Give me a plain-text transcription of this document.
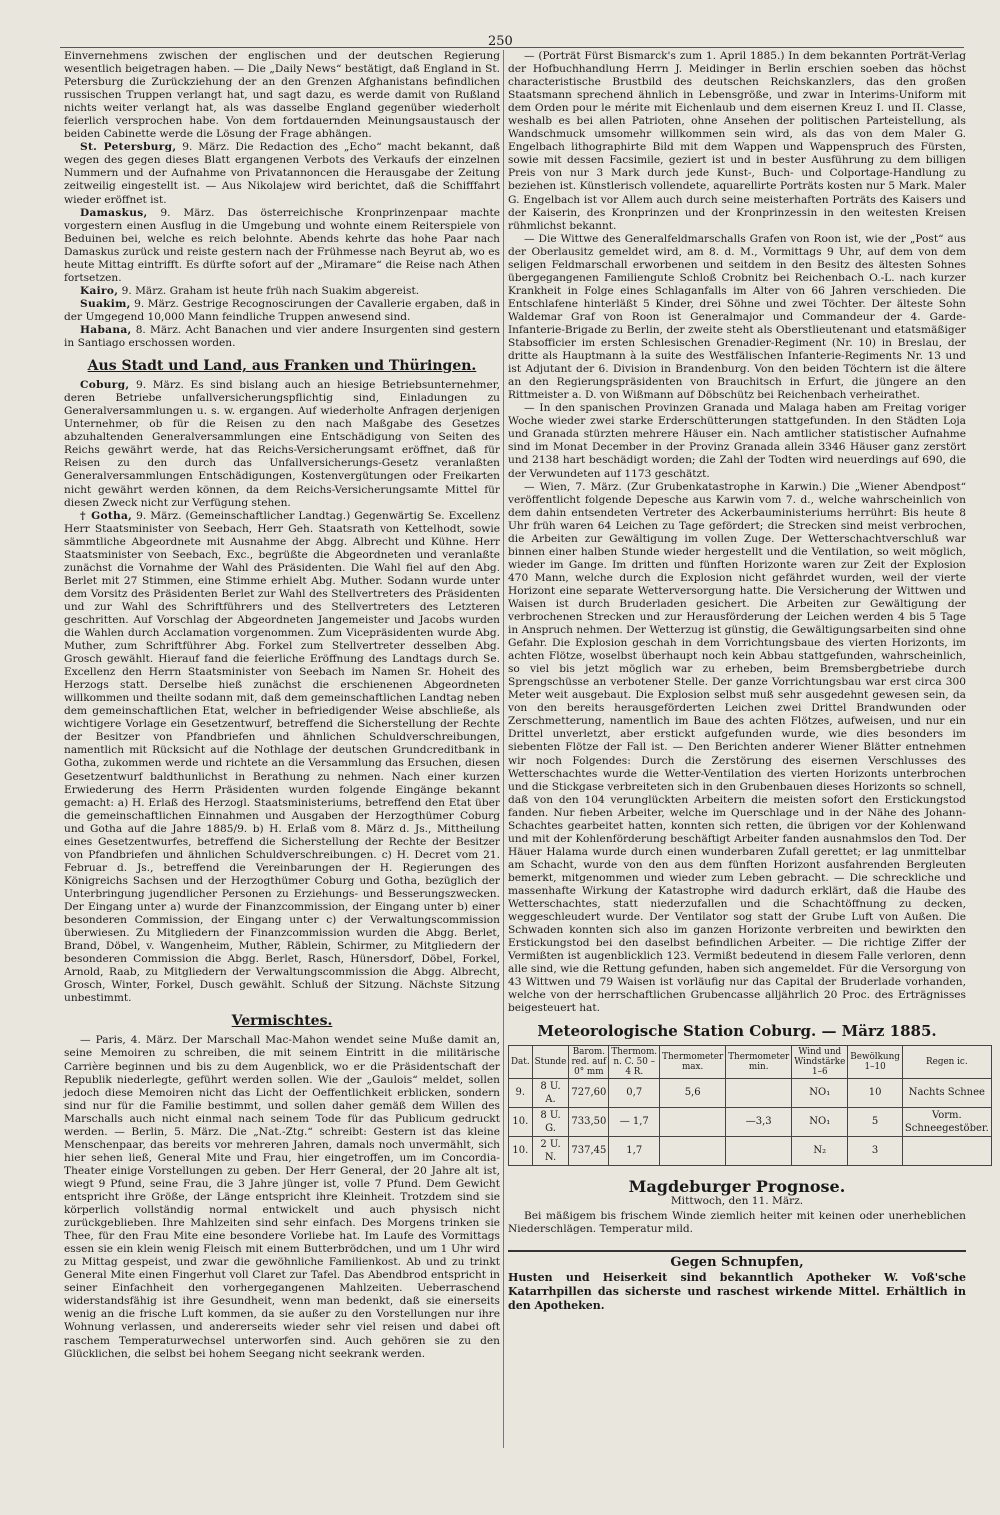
250

Einvernehmens zwischen der englischen und der deutschen Regierung wesentlich beigetragen haben. — Die „Daily News“ bestätigt, daß England in St. Petersburg die Zurückziehung der an den Grenzen Afghanistans befindlichen russischen Truppen verlangt hat, und sagt dazu, es werde damit von Rußland nichts weiter verlangt hat, als was dasselbe England gegenüber wiederholt feierlich versprochen habe. Von dem fortdauernden Meinungsaustausch der beiden Cabinette werde die Lösung der Frage abhängen.

St. Petersburg, 9. März. Die Redaction des „Echo“ macht bekannt, daß wegen des gegen dieses Blatt ergangenen Verbots des Verkaufs der einzelnen Nummern und der Aufnahme von Privatannoncen die Herausgabe der Zeitung zeitweilig eingestellt ist. — Aus Nikolajew wird berichtet, daß die Schifffahrt wieder eröffnet ist.

Damaskus, 9. März. Das österreichische Kronprinzenpaar machte vorgestern einen Ausflug in die Umgebung und wohnte einem Reiterspiele von Beduinen bei, welche es reich belohnte. Abends kehrte das hohe Paar nach Damaskus zurück und reiste gestern nach der Frühmesse nach Beyrut ab, wo es heute Mittag eintrifft. Es dürfte sofort auf der „Miramare“ die Reise nach Athen fortsetzen.

Kairo, 9. März. Graham ist heute früh nach Suakim abgereist.

Suakim, 9. März. Gestrige Recognoscirungen der Cavallerie ergaben, daß in der Umgegend 10,000 Mann feindliche Truppen anwesend sind.

Habana, 8. März. Acht Banachen und vier andere Insurgenten sind gestern in Santiago erschossen worden.

Aus Stadt und Land, aus Franken und Thüringen.

Coburg, 9. März. Es sind bislang auch an hiesige Betriebsunternehmer, deren Betriebe unfallversicherungspflichtig sind, Einladungen zu Generalversammlungen u. s. w. ergangen. Auf wiederholte Anfragen derjenigen Unternehmer, ob für die Reisen zu den nach Maßgabe des Gesetzes abzuhaltenden Generalversammlungen eine Entschädigung von Seiten des Reichs gewährt werde, hat das Reichs-Versicherungsamt eröffnet, daß für Reisen zu den durch das Unfallversicherungs-Gesetz veranlaßten Generalversammlungen Entschädigungen, Kostenvergütungen oder Freikarten nicht gewährt werden können, da dem Reichs-Versicherungsamte Mittel für diesen Zweck nicht zur Verfügung stehen.

† Gotha, 9. März. (Gemeinschaftlicher Landtag.) Gegenwärtig Se. Excellenz Herr Staatsminister von Seebach, Herr Geh. Staatsrath von Kettelhodt, sowie sämmtliche Abgeordnete mit Ausnahme der Abgg. Albrecht und Kühne. Herr Staatsminister von Seebach, Exc., begrüßte die Abgeordneten und veranlaßte zunächst die Vornahme der Wahl des Präsidenten. Die Wahl fiel auf den Abg. Berlet mit 27 Stimmen, eine Stimme erhielt Abg. Muther. Sodann wurde unter dem Vorsitz des Präsidenten Berlet zur Wahl des Stellvertreters des Präsidenten und zur Wahl des Schriftführers und des Stellvertreters des Letzteren geschritten. Auf Vorschlag der Abgeordneten Jangemeister und Jacobs wurden die Wahlen durch Acclamation vorgenommen. Zum Vicepräsidenten wurde Abg. Muther, zum Schriftführer Abg. Forkel zum Stellvertreter desselben Abg. Grosch gewählt. Hierauf fand die feierliche Eröffnung des Landtags durch Se. Excellenz den Herrn Staatsminister von Seebach im Namen Sr. Hoheit des Herzogs statt. Derselbe hieß zunächst die erschienenen Abgeordneten willkommen und theilte sodann mit, daß dem gemeinschaftlichen Landtag neben dem gemeinschaftlichen Etat, welcher in befriedigender Weise abschließe, als wichtigere Vorlage ein Gesetzentwurf, betreffend die Sicherstellung der Rechte der Besitzer von Pfandbriefen und ähnlichen Schuldverschreibungen, namentlich mit Rücksicht auf die Nothlage der deutschen Grundcreditbank in Gotha, zukommen werde und richtete an die Versammlung das Ersuchen, diesen Gesetzentwurf baldthunlichst in Berathung zu nehmen. Nach einer kurzen Erwiederung des Herrn Präsidenten wurden folgende Eingänge bekannt gemacht: a) H. Erlaß des Herzogl. Staatsministeriums, betreffend den Etat über die gemeinschaftlichen Einnahmen und Ausgaben der Herzogthümer Coburg und Gotha auf die Jahre 1885/9. b) H. Erlaß vom 8. März d. Js., Mittheilung eines Gesetzentwurfes, betreffend die Sicherstellung der Rechte der Besitzer von Pfandbriefen und ähnlichen Schuldverschreibungen. c) H. Decret vom 21. Februar d. Js., betreffend die Vereinbarungen der H. Regierungen des Königreichs Sachsen und der Herzogthümer Coburg und Gotha, bezüglich der Unterbringung jugendlicher Personen zu Erziehungs- und Besserungszwecken. Der Eingang unter a) wurde der Finanzcommission, der Eingang unter b) einer besonderen Commission, der Eingang unter c) der Verwaltungscommission überwiesen. Zu Mitgliedern der Finanzcommission wurden die Abgg. Berlet, Brand, Döbel, v. Wangenheim, Muther, Räblein, Schirmer, zu Mitgliedern der besonderen Commission die Abgg. Berlet, Rasch, Hünersdorf, Döbel, Forkel, Arnold, Raab, zu Mitgliedern der Verwaltungscommission die Abgg. Albrecht, Grosch, Winter, Forkel, Dusch gewählt. Schluß der Sitzung. Nächste Sitzung unbestimmt.

Vermischtes.

— Paris, 4. März. Der Marschall Mac-Mahon wendet seine Muße damit an, seine Memoiren zu schreiben, die mit seinem Eintritt in die militärische Carrière beginnen und bis zu dem Augenblick, wo er die Präsidentschaft der Republik niederlegte, geführt werden sollen. Wie der „Gaulois“ meldet, sollen jedoch diese Memoiren nicht das Licht der Oeffentlichkeit erblicken, sondern sind nur für die Familie bestimmt, und sollen daher gemäß dem Willen des Marschalls auch nicht einmal nach seinem Tode für das Publicum gedruckt werden. — Berlin, 5. März. Die „Nat.-Ztg.“ schreibt: Gestern ist das kleine Menschenpaar, das bereits vor mehreren Jahren, damals noch unvermählt, sich hier sehen ließ, General Mite und Frau, hier eingetroffen, um im Concordia-Theater einige Vorstellungen zu geben. Der Herr General, der 20 Jahre alt ist, wiegt 9 Pfund, seine Frau, die 3 Jahre jünger ist, volle 7 Pfund. Dem Gewicht entspricht ihre Größe, der Länge entspricht ihre Kleinheit. Trotzdem sind sie körperlich vollständig normal entwickelt und auch physisch nicht zurückgeblieben. Ihre Mahlzeiten sind sehr einfach. Des Morgens trinken sie Thee, für den Frau Mite eine besondere Vorliebe hat. Im Laufe des Vormittags essen sie ein klein wenig Fleisch mit einem Butterbrödchen, und um 1 Uhr wird zu Mittag gespeist, und zwar die gewöhnliche Familienkost. Ab und zu trinkt General Mite einen Fingerhut voll Claret zur Tafel. Das Abendbrod entspricht in seiner Einfachheit den vorhergegangenen Mahlzeiten. Ueberraschend widerstandsfähig ist ihre Gesundheit, wenn man bedenkt, daß sie einerseits wenig an die frische Luft kommen, da sie außer zu den Vorstellungen nur ihre Wohnung verlassen, und andererseits wieder sehr viel reisen und dabei oft raschem Temperaturwechsel unterworfen sind. Auch gehören sie zu den Glücklichen, die selbst bei hohem Seegang nicht seekrank werden.

— (Porträt Fürst Bismarck's zum 1. April 1885.) In dem bekannten Porträt-Verlag der Hofbuchhandlung Herrn J. Meidinger in Berlin erschien soeben das höchst characteristische Brustbild des deutschen Reichskanzlers, das den großen Staatsmann sprechend ähnlich in Lebensgröße, und zwar in Interims-Uniform mit dem Orden pour le mérite mit Eichenlaub und dem eisernen Kreuz I. und II. Classe, weshalb es bei allen Patrioten, ohne Ansehen der politischen Parteistellung, als Wandschmuck umsomehr willkommen sein wird, als das von dem Maler G. Engelbach lithographirte Bild mit dem Wappen und Wappenspruch des Fürsten, sowie mit dessen Facsimile, geziert ist und in bester Ausführung zu dem billigen Preis von nur 3 Mark durch jede Kunst-, Buch- und Colportage-Handlung zu beziehen ist. Künstlerisch vollendete, aquarellirte Porträts kosten nur 5 Mark. Maler G. Engelbach ist vor Allem auch durch seine meisterhaften Porträts des Kaisers und der Kaiserin, des Kronprinzen und der Kronprinzessin in den weitesten Kreisen rühmlichst bekannt.

— Die Wittwe des Generalfeldmarschalls Grafen von Roon ist, wie der „Post“ aus der Oberlausitz gemeldet wird, am 8. d. M., Vormittags 9 Uhr, auf dem von dem seligen Feldmarschall erworbenen und seitdem in den Besitz des ältesten Sohnes übergegangenen Familiengute Schloß Crobnitz bei Reichenbach O.-L. nach kurzer Krankheit in Folge eines Schlaganfalls im Alter von 66 Jahren verschieden. Die Entschlafene hinterläßt 5 Kinder, drei Söhne und zwei Töchter. Der älteste Sohn Waldemar Graf von Roon ist Generalmajor und Commandeur der 4. Garde-Infanterie-Brigade zu Berlin, der zweite steht als Oberstlieutenant und etatsmäßiger Stabsofficier im ersten Schlesischen Grenadier-Regiment (Nr. 10) in Breslau, der dritte als Hauptmann à la suite des Westfälischen Infanterie-Regiments Nr. 13 und ist Adjutant der 6. Division in Brandenburg. Von den beiden Töchtern ist die ältere an den Regierungspräsidenten von Brauchitsch in Erfurt, die jüngere an den Rittmeister a. D. von Wißmann auf Döbschütz bei Reichenbach verheirathet.

— In den spanischen Provinzen Granada und Malaga haben am Freitag voriger Woche wieder zwei starke Erderschütterungen stattgefunden. In den Städten Loja und Granada stürzten mehrere Häuser ein. Nach amtlicher statistischer Aufnahme sind im Monat December in der Provinz Granada allein 3346 Häuser ganz zerstört und 2138 hart beschädigt worden; die Zahl der Todten wird neuerdings auf 690, die der Verwundeten auf 1173 geschätzt.

— Wien, 7. März. (Zur Grubenkatastrophe in Karwin.) Die „Wiener Abendpost“ veröffentlicht folgende Depesche aus Karwin vom 7. d., welche wahrscheinlich von dem dahin entsendeten Vertreter des Ackerbauministeriums herrührt: Bis heute 8 Uhr früh waren 64 Leichen zu Tage gefördert; die Strecken sind meist verbrochen, die Arbeiten zur Gewältigung im vollen Zuge. Der Wetterschachtverschluß war binnen einer halben Stunde wieder hergestellt und die Ventilation, so weit möglich, wieder im Gange. Im dritten und fünften Horizonte waren zur Zeit der Explosion 470 Mann, welche durch die Explosion nicht gefährdet wurden, weil der vierte Horizont eine separate Wetterversorgung hatte. Die Versicherung der Wittwen und Waisen ist durch Bruderladen gesichert. Die Arbeiten zur Gewältigung der verbrochenen Strecken und zur Herausförderung der Leichen werden 4 bis 5 Tage in Anspruch nehmen. Der Wetterzug ist günstig, die Gewältigungsarbeiten sind ohne Gefahr. Die Explosion geschah in dem Vorrichtungsbaue des vierten Horizonts, im achten Flötze, woselbst überhaupt noch kein Abbau stattgefunden, wahrscheinlich, so viel bis jetzt möglich war zu erheben, beim Bremsbergbetriebe durch Sprengschüsse an verbotener Stelle. Der ganze Vorrichtungsbau war erst circa 300 Meter weit ausgebaut. Die Explosion selbst muß sehr ausgedehnt gewesen sein, da von den bereits herausgeförderten Leichen zwei Drittel Brandwunden oder Zerschmetterung, namentlich im Baue des achten Flötzes, aufweisen, und nur ein Drittel unverletzt, aber erstickt aufgefunden wurde, wie dies besonders im siebenten Flötze der Fall ist. — Den Berichten anderer Wiener Blätter entnehmen wir noch Folgendes: Durch die Zerstörung des eisernen Verschlusses des Wetterschachtes wurde die Wetter-Ventilation des vierten Horizonts unterbrochen und die Stickgase verbreiteten sich in den Grubenbauen dieses Horizonts so schnell, daß von den 104 verunglückten Arbeitern die meisten sofort den Erstickungstod fanden. Nur fieben Arbeiter, welche im Querschlage und in der Nähe des Johann-Schachtes gearbeitet hatten, konnten sich retten, die übrigen vor der Kohlenwand und mit der Kohlenförderung beschäftigt Arbeiter fanden ausnahmslos den Tod. Der Häuer Halama wurde durch einen wunderbaren Zufall gerettet; er lag unmittelbar am Schacht, wurde von den aus dem fünften Horizont ausfahrenden Bergleuten bemerkt, mitgenommen und wieder zum Leben gebracht. — Die schreckliche und massenhafte Wirkung der Katastrophe wird dadurch erklärt, daß die Haube des Wetterschachtes, statt niederzufallen und die Schachtöffnung zu decken, weggeschleudert wurde. Der Ventilator sog statt der Grube Luft von Außen. Die Schwaden konnten sich also im ganzen Horizonte verbreiten und bewirkten den Erstickungstod bei den daselbst befindlichen Arbeiter. — Die richtige Ziffer der Vermißten ist augenblicklich 123. Vermißt bedeutend in diesem Falle verloren, denn alle sind, wie die Rettung gefunden, haben sich angemeldet. Für die Versorgung von 43 Wittwen und 79 Waisen ist vorläufig nur das Capital der Bruderlade vorhanden, welche von der herrschaftlichen Grubencasse alljährlich 20 Proc. des Erträgnisses beigesteuert hat.

Meteorologische Station Coburg. — März 1885.
Dat.	Stunde	Barom. red. auf 0° mm	Thermom. n. C. 50 – 4 R.	Thermometer max.	Thermometer min.	Wind und Windstärke 1–6	Bewölkung 1–10	Regen ic.
9.	8 U. A.	727,60	0,7	5,6		NO₁	10	Nachts Schnee
10.	8 U. G.	733,50	— 1,7		—3,3	NO₁	5	Vorm. Schneegestöber.
10.	2 U. N.	737,45	1,7			N₂	3	
Magdeburger Prognose.
Mittwoch, den 11. März.

Bei mäßigem bis frischem Winde ziemlich heiter mit keinen oder unerheblichen Niederschlägen. Temperatur mild.

Gegen Schnupfen,

Husten und Heiserkeit sind bekanntlich Apotheker W. Voß'sche Katarrhpillen das sicherste und raschest wirkende Mittel. Erhältlich in den Apotheken.
